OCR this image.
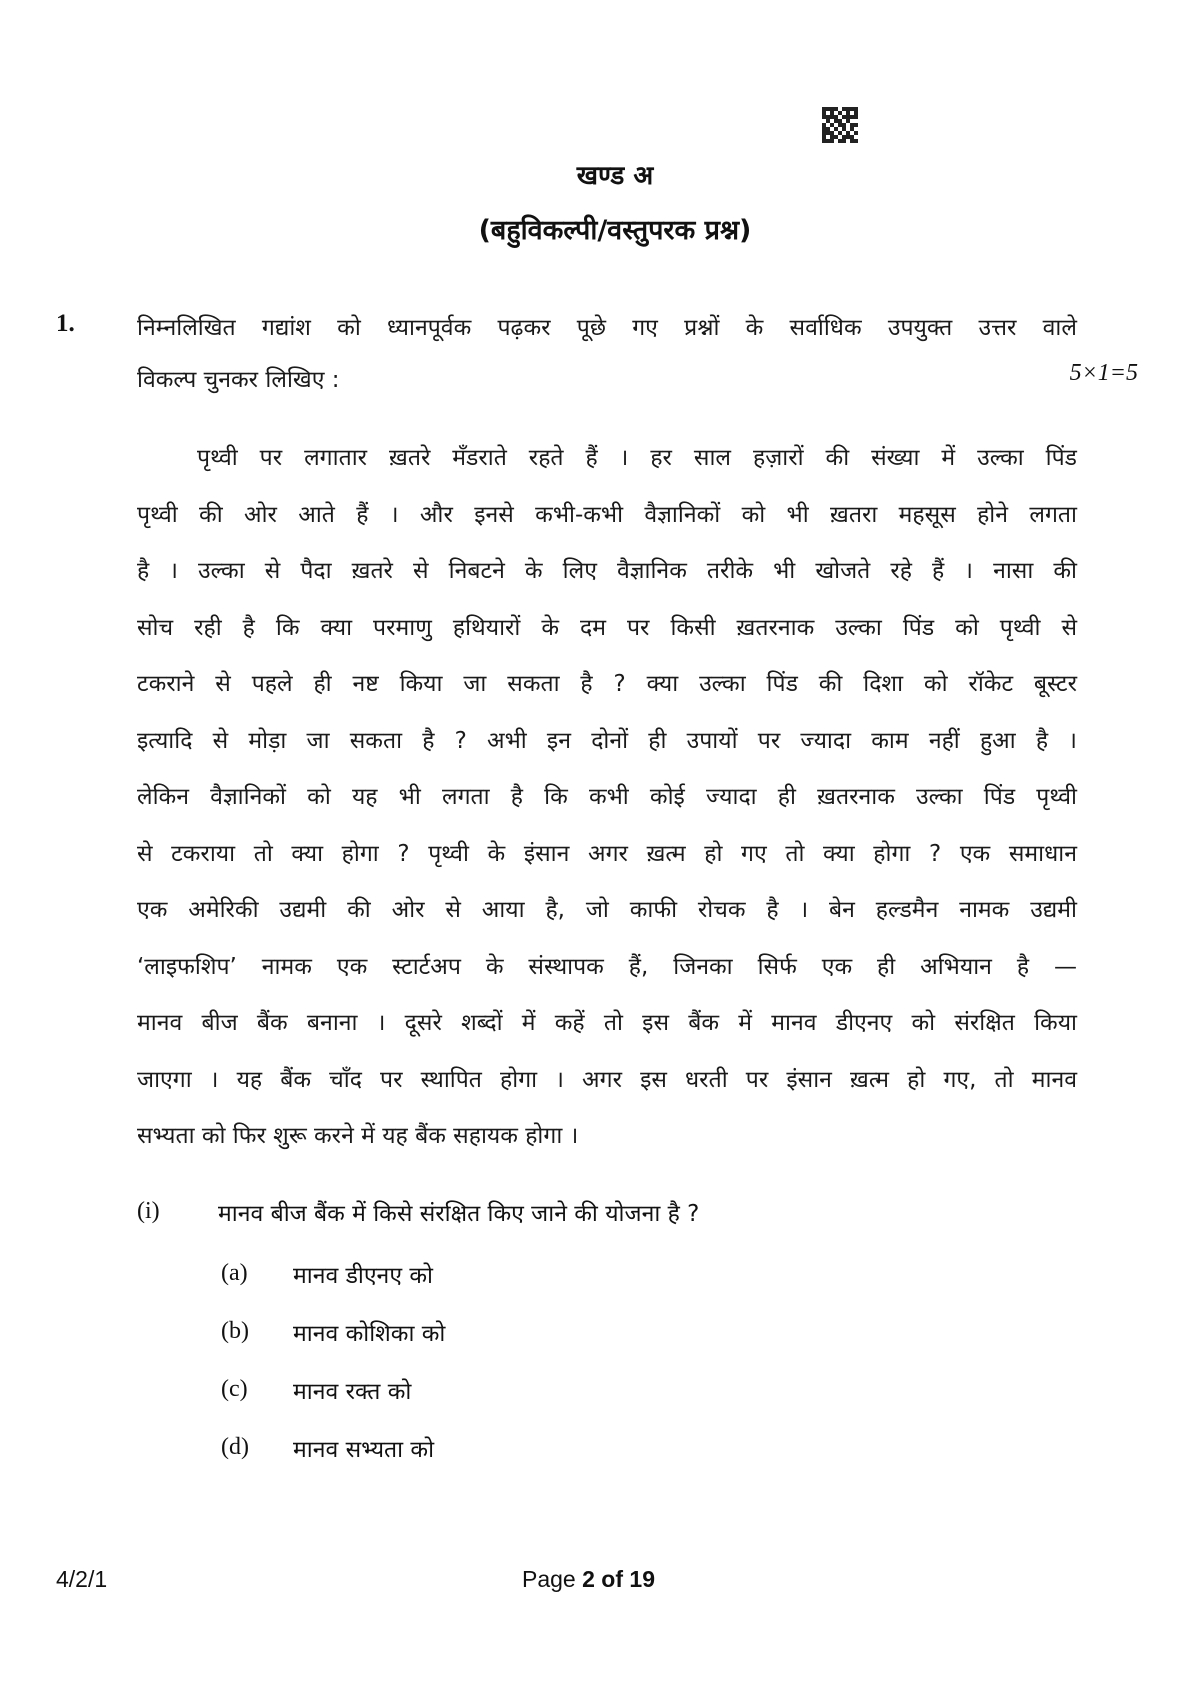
खण्ड अ
(बहुविकल्पी/वस्तुपरक प्रश्न)
1.	निम्नलिखित गद्यांश को ध्यानपूर्वक पढ़कर पूछे गए प्रश्नों के सर्वाधिक उपयुक्त उत्तर वाले
विकल्प चुनकर लिखिए :	5×1=5
पृथ्वी पर लगातार ख़तरे मँडराते रहते हैं । हर साल हज़ारों की संख्या में उल्का पिंड
पृथ्वी की ओर आते हैं । और इनसे कभी-कभी वैज्ञानिकों को भी ख़तरा महसूस होने लगता
है । उल्का से पैदा ख़तरे से निबटने के लिए वैज्ञानिक तरीके भी खोजते रहे हैं । नासा की
सोच रही है कि क्या परमाणु हथियारों के दम पर किसी ख़तरनाक उल्का पिंड को पृथ्वी से
टकराने से पहले ही नष्ट किया जा सकता है ? क्या उल्का पिंड की दिशा को रॉकेट बूस्टर
इत्यादि से मोड़ा जा सकता है ? अभी इन दोनों ही उपायों पर ज्यादा काम नहीं हुआ है ।
लेकिन वैज्ञानिकों को यह भी लगता है कि कभी कोई ज्यादा ही ख़तरनाक उल्का पिंड पृथ्वी
से टकराया तो क्या होगा ? पृथ्वी के इंसान अगर ख़त्म हो गए तो क्या होगा ? एक समाधान
एक अमेरिकी उद्यमी की ओर से आया है, जो काफी रोचक है । बेन हल्डमैन नामक उद्यमी
‘लाइफशिप’ नामक एक स्टार्टअप के संस्थापक हैं, जिनका सिर्फ एक ही अभियान है —
मानव बीज बैंक बनाना । दूसरे शब्दों में कहें तो इस बैंक में मानव डीएनए को संरक्षित किया
जाएगा । यह बैंक चाँद पर स्थापित होगा । अगर इस धरती पर इंसान ख़त्म हो गए, तो मानव
सभ्यता को फिर शुरू करने में यह बैंक सहायक होगा ।
(i)	मानव बीज बैंक में किसे संरक्षित किए जाने की योजना है ?
(a) मानव डीएनए को
(b) मानव कोशिका को
(c) मानव रक्त को
(d) मानव सभ्यता को
4/2/1	Page 2 of 19
